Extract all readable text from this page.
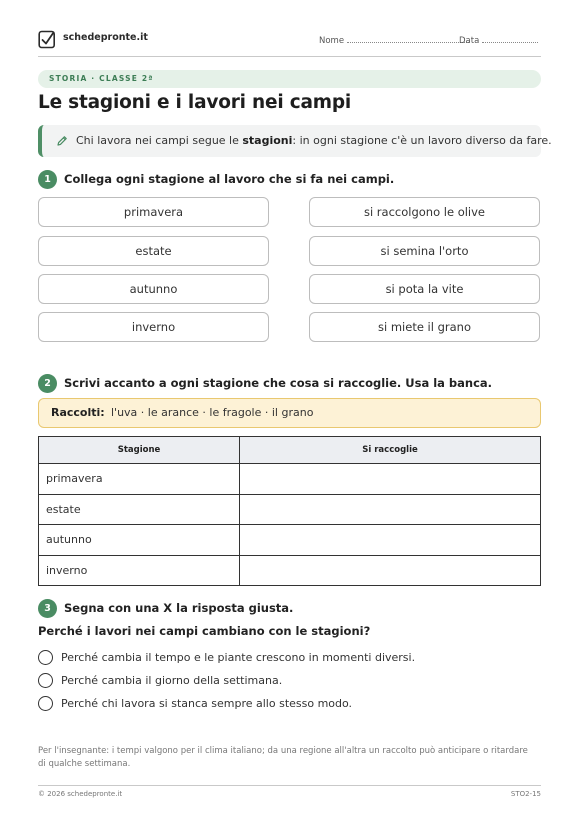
schedepronte.it	Nome	Data
STORIA · CLASSE 2ª
Le stagioni e i lavori nei campi
Chi lavora nei campi segue le stagioni: in ogni stagione c'è un lavoro diverso da fare.
1	Collega ogni stagione al lavoro che si fa nei campi.
primavera
estate
autunno
inverno
si raccolgono le olive
si semina l'orto
si pota la vite
si miete il grano
2	Scrivi accanto a ogni stagione che cosa si raccoglie. Usa la banca.
Raccolti: l'uva · le arance · le fragole · il grano
Stagione	Si raccoglie
primavera	
estate	
autunno	
inverno	
3	Segna con una X la risposta giusta.
Perché i lavori nei campi cambiano con le stagioni?
Perché cambia il tempo e le piante crescono in momenti diversi.
Perché cambia il giorno della settimana.
Perché chi lavora si stanca sempre allo stesso modo.
Per l'insegnante: i tempi valgono per il clima italiano; da una regione all'altra un raccolto può anticipare o ritardare di qualche settimana.
© 2026 schedepronte.it	STO2-15
